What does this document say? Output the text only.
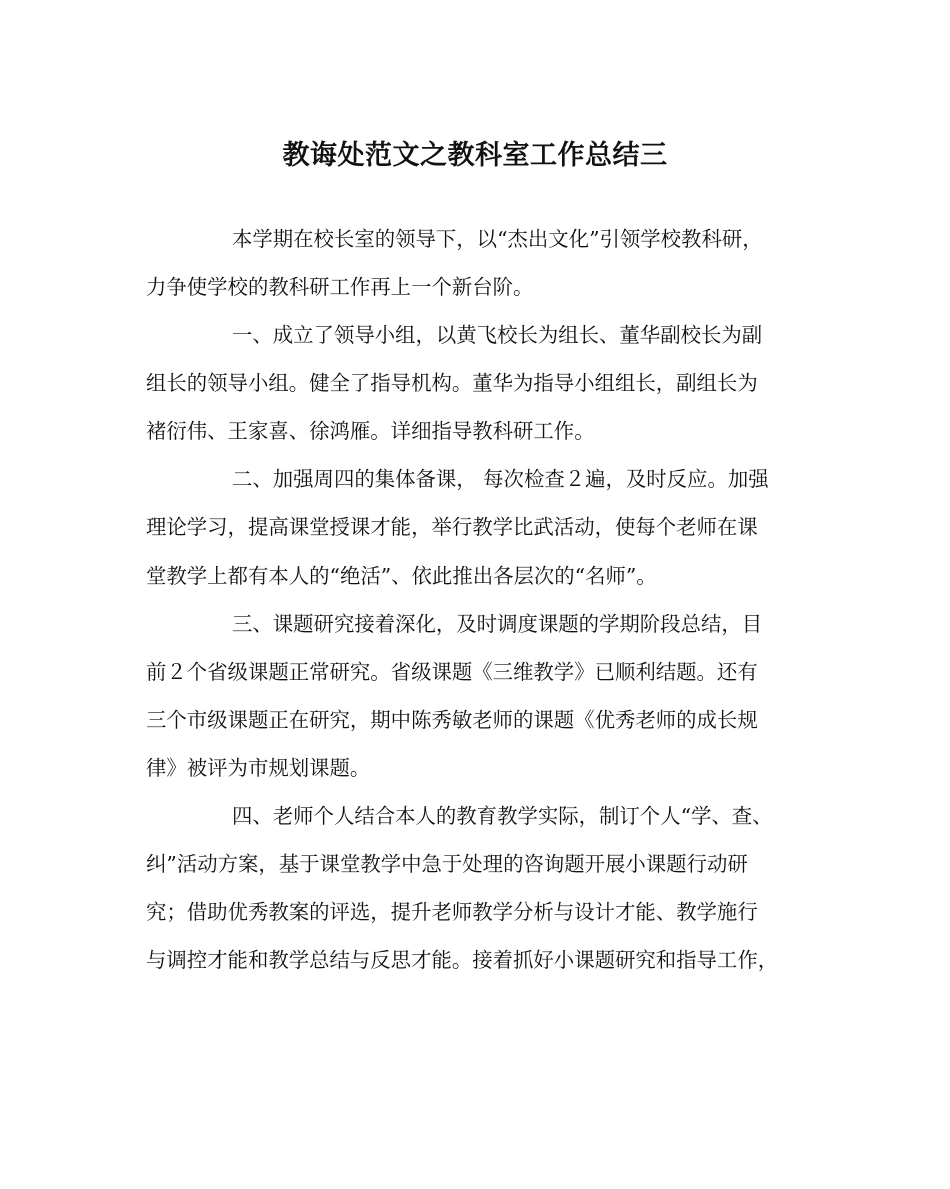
教诲处范文之教科室工作总结三
本学期在校长室的领导下，以“杰出文化”引领学校教科研，
力争使学校的教科研工作再上一个新台阶。
一、成立了领导小组，以黄飞校长为组长、董华副校长为副
组长的领导小组。健全了指导机构。董华为指导小组组长，副组长为
褚衍伟、王家喜、徐鸿雁。详细指导教科研工作。
二、加强周四的集体备课， 每次检查２遍，及时反应。加强
理论学习，提高课堂授课才能，举行教学比武活动，使每个老师在课
堂教学上都有本人的“绝活”、依此推出各层次的“名师”。
三、课题研究接着深化，及时调度课题的学期阶段总结，目
前２个省级课题正常研究。省级课题《三维教学》已顺利结题。还有
三个市级课题正在研究，期中陈秀敏老师的课题《优秀老师的成长规
律》被评为市规划课题。
四、老师个人结合本人的教育教学实际，制订个人“学、查、
纠”活动方案，基于课堂教学中急于处理的咨询题开展小课题行动研
究；借助优秀教案的评选，提升老师教学分析与设计才能、教学施行
与调控才能和教学总结与反思才能。接着抓好小课题研究和指导工作，
